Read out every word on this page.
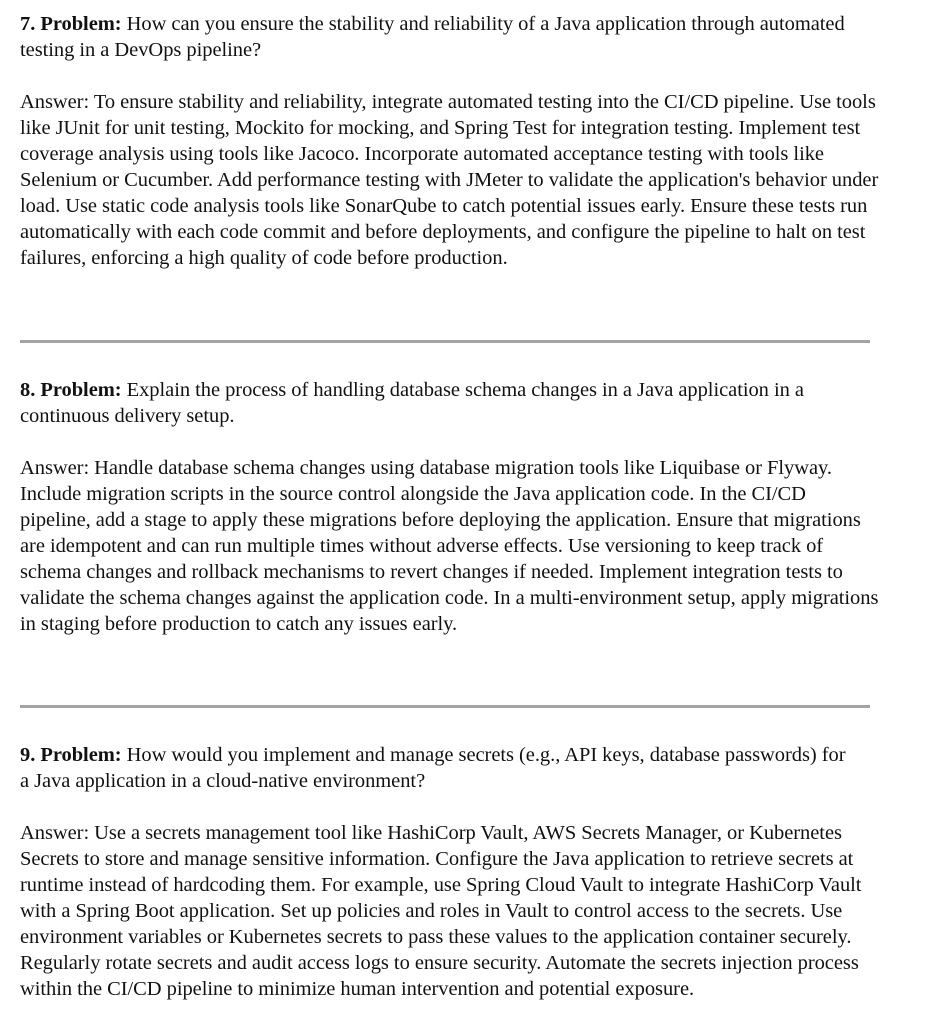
7. Problem: How can you ensure the stability and reliability of a Java application through automated testing in a DevOps pipeline?

Answer: To ensure stability and reliability, integrate automated testing into the CI/CD pipeline. Use tools like JUnit for unit testing, Mockito for mocking, and Spring Test for integration testing. Implement test coverage analysis using tools like Jacoco. Incorporate automated acceptance testing with tools like Selenium or Cucumber. Add performance testing with JMeter to validate the application's behavior under load. Use static code analysis tools like SonarQube to catch potential issues early. Ensure these tests run automatically with each code commit and before deployments, and configure the pipeline to halt on test failures, enforcing a high quality of code before production.

8. Problem: Explain the process of handling database schema changes in a Java application in a continuous delivery setup.

Answer: Handle database schema changes using database migration tools like Liquibase or Flyway. Include migration scripts in the source control alongside the Java application code. In the CI/CD pipeline, add a stage to apply these migrations before deploying the application. Ensure that migrations are idempotent and can run multiple times without adverse effects. Use versioning to keep track of schema changes and rollback mechanisms to revert changes if needed. Implement integration tests to validate the schema changes against the application code. In a multi-environment setup, apply migrations in staging before production to catch any issues early.

9. Problem: How would you implement and manage secrets (e.g., API keys, database passwords) for a Java application in a cloud-native environment?

Answer: Use a secrets management tool like HashiCorp Vault, AWS Secrets Manager, or Kubernetes Secrets to store and manage sensitive information. Configure the Java application to retrieve secrets at runtime instead of hardcoding them. For example, use Spring Cloud Vault to integrate HashiCorp Vault with a Spring Boot application. Set up policies and roles in Vault to control access to the secrets. Use environment variables or Kubernetes secrets to pass these values to the application container securely. Regularly rotate secrets and audit access logs to ensure security. Automate the secrets injection process within the CI/CD pipeline to minimize human intervention and potential exposure.
